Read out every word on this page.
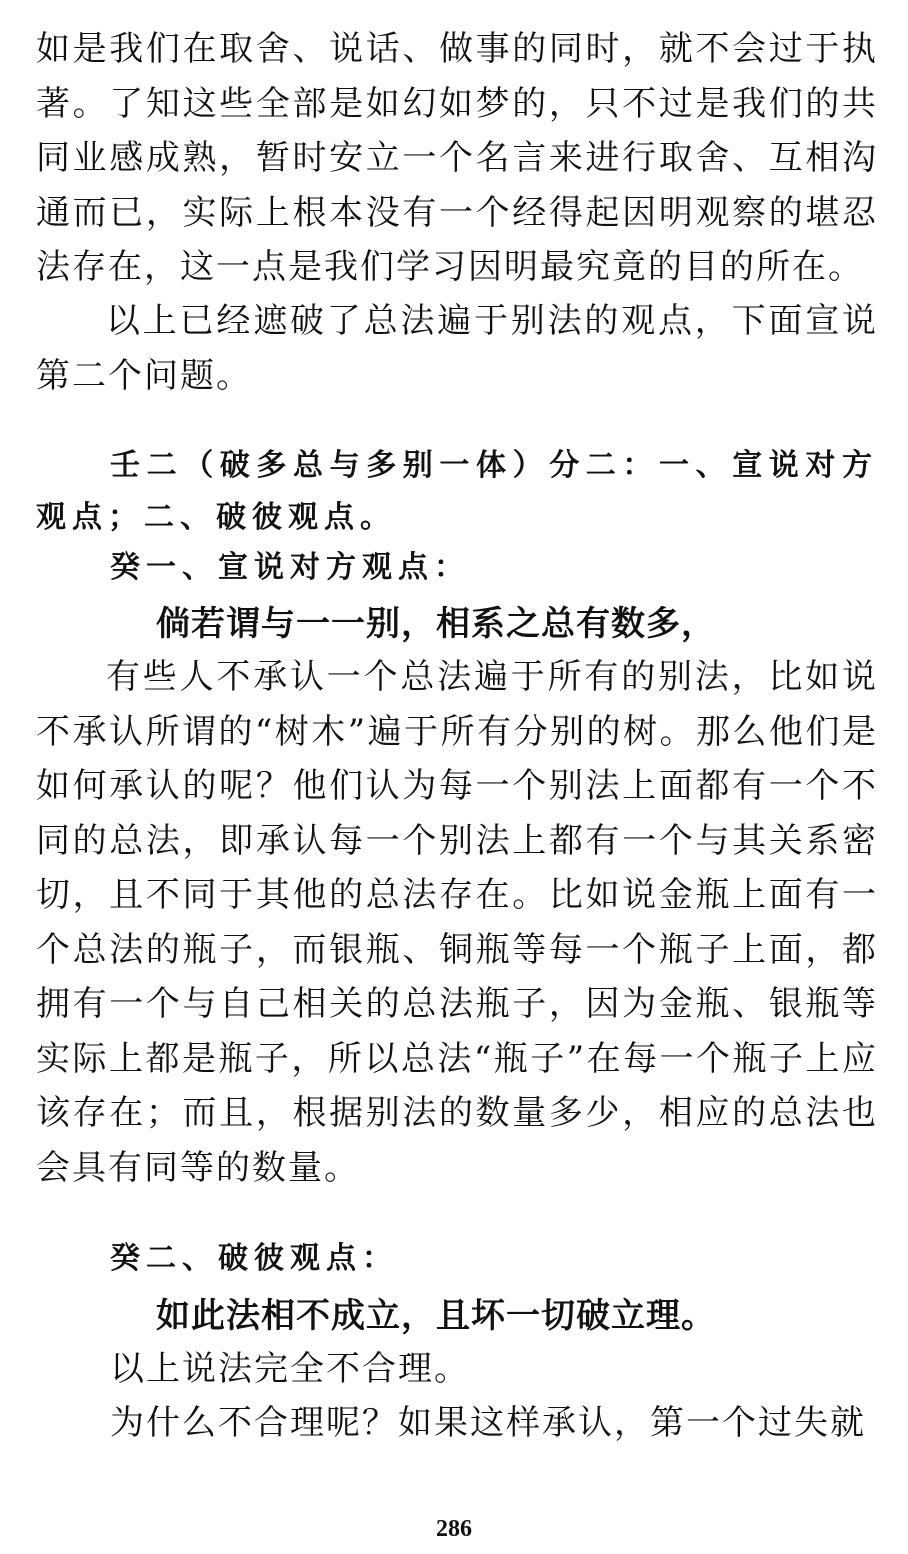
如是我们在取舍、说话、做事的同时，就不会过于执著。了知这些全部是如幻如梦的，只不过是我们的共同业感成熟，暂时安立一个名言来进行取舍、互相沟通而已，实际上根本没有一个经得起因明观察的堪忍法存在，这一点是我们学习因明最究竟的目的所在。

以上已经遮破了总法遍于别法的观点，下面宣说第二个问题。

壬二（破多总与多别一体）分二：一、宣说对方观点；二、破彼观点。

癸一、宣说对方观点：

倘若谓与一一别，相系之总有数多，

有些人不承认一个总法遍于所有的别法，比如说不承认所谓的“树木”遍于所有分别的树。那么他们是如何承认的呢？他们认为每一个别法上面都有一个不同的总法，即承认每一个别法上都有一个与其关系密切，且不同于其他的总法存在。比如说金瓶上面有一个总法的瓶子，而银瓶、铜瓶等每一个瓶子上面，都拥有一个与自己相关的总法瓶子，因为金瓶、银瓶等实际上都是瓶子，所以总法“瓶子”在每一个瓶子上应该存在；而且，根据别法的数量多少，相应的总法也会具有同等的数量。

癸二、破彼观点：

如此法相不成立，且坏一切破立理。

以上说法完全不合理。

为什么不合理呢？如果这样承认，第一个过失就

286
